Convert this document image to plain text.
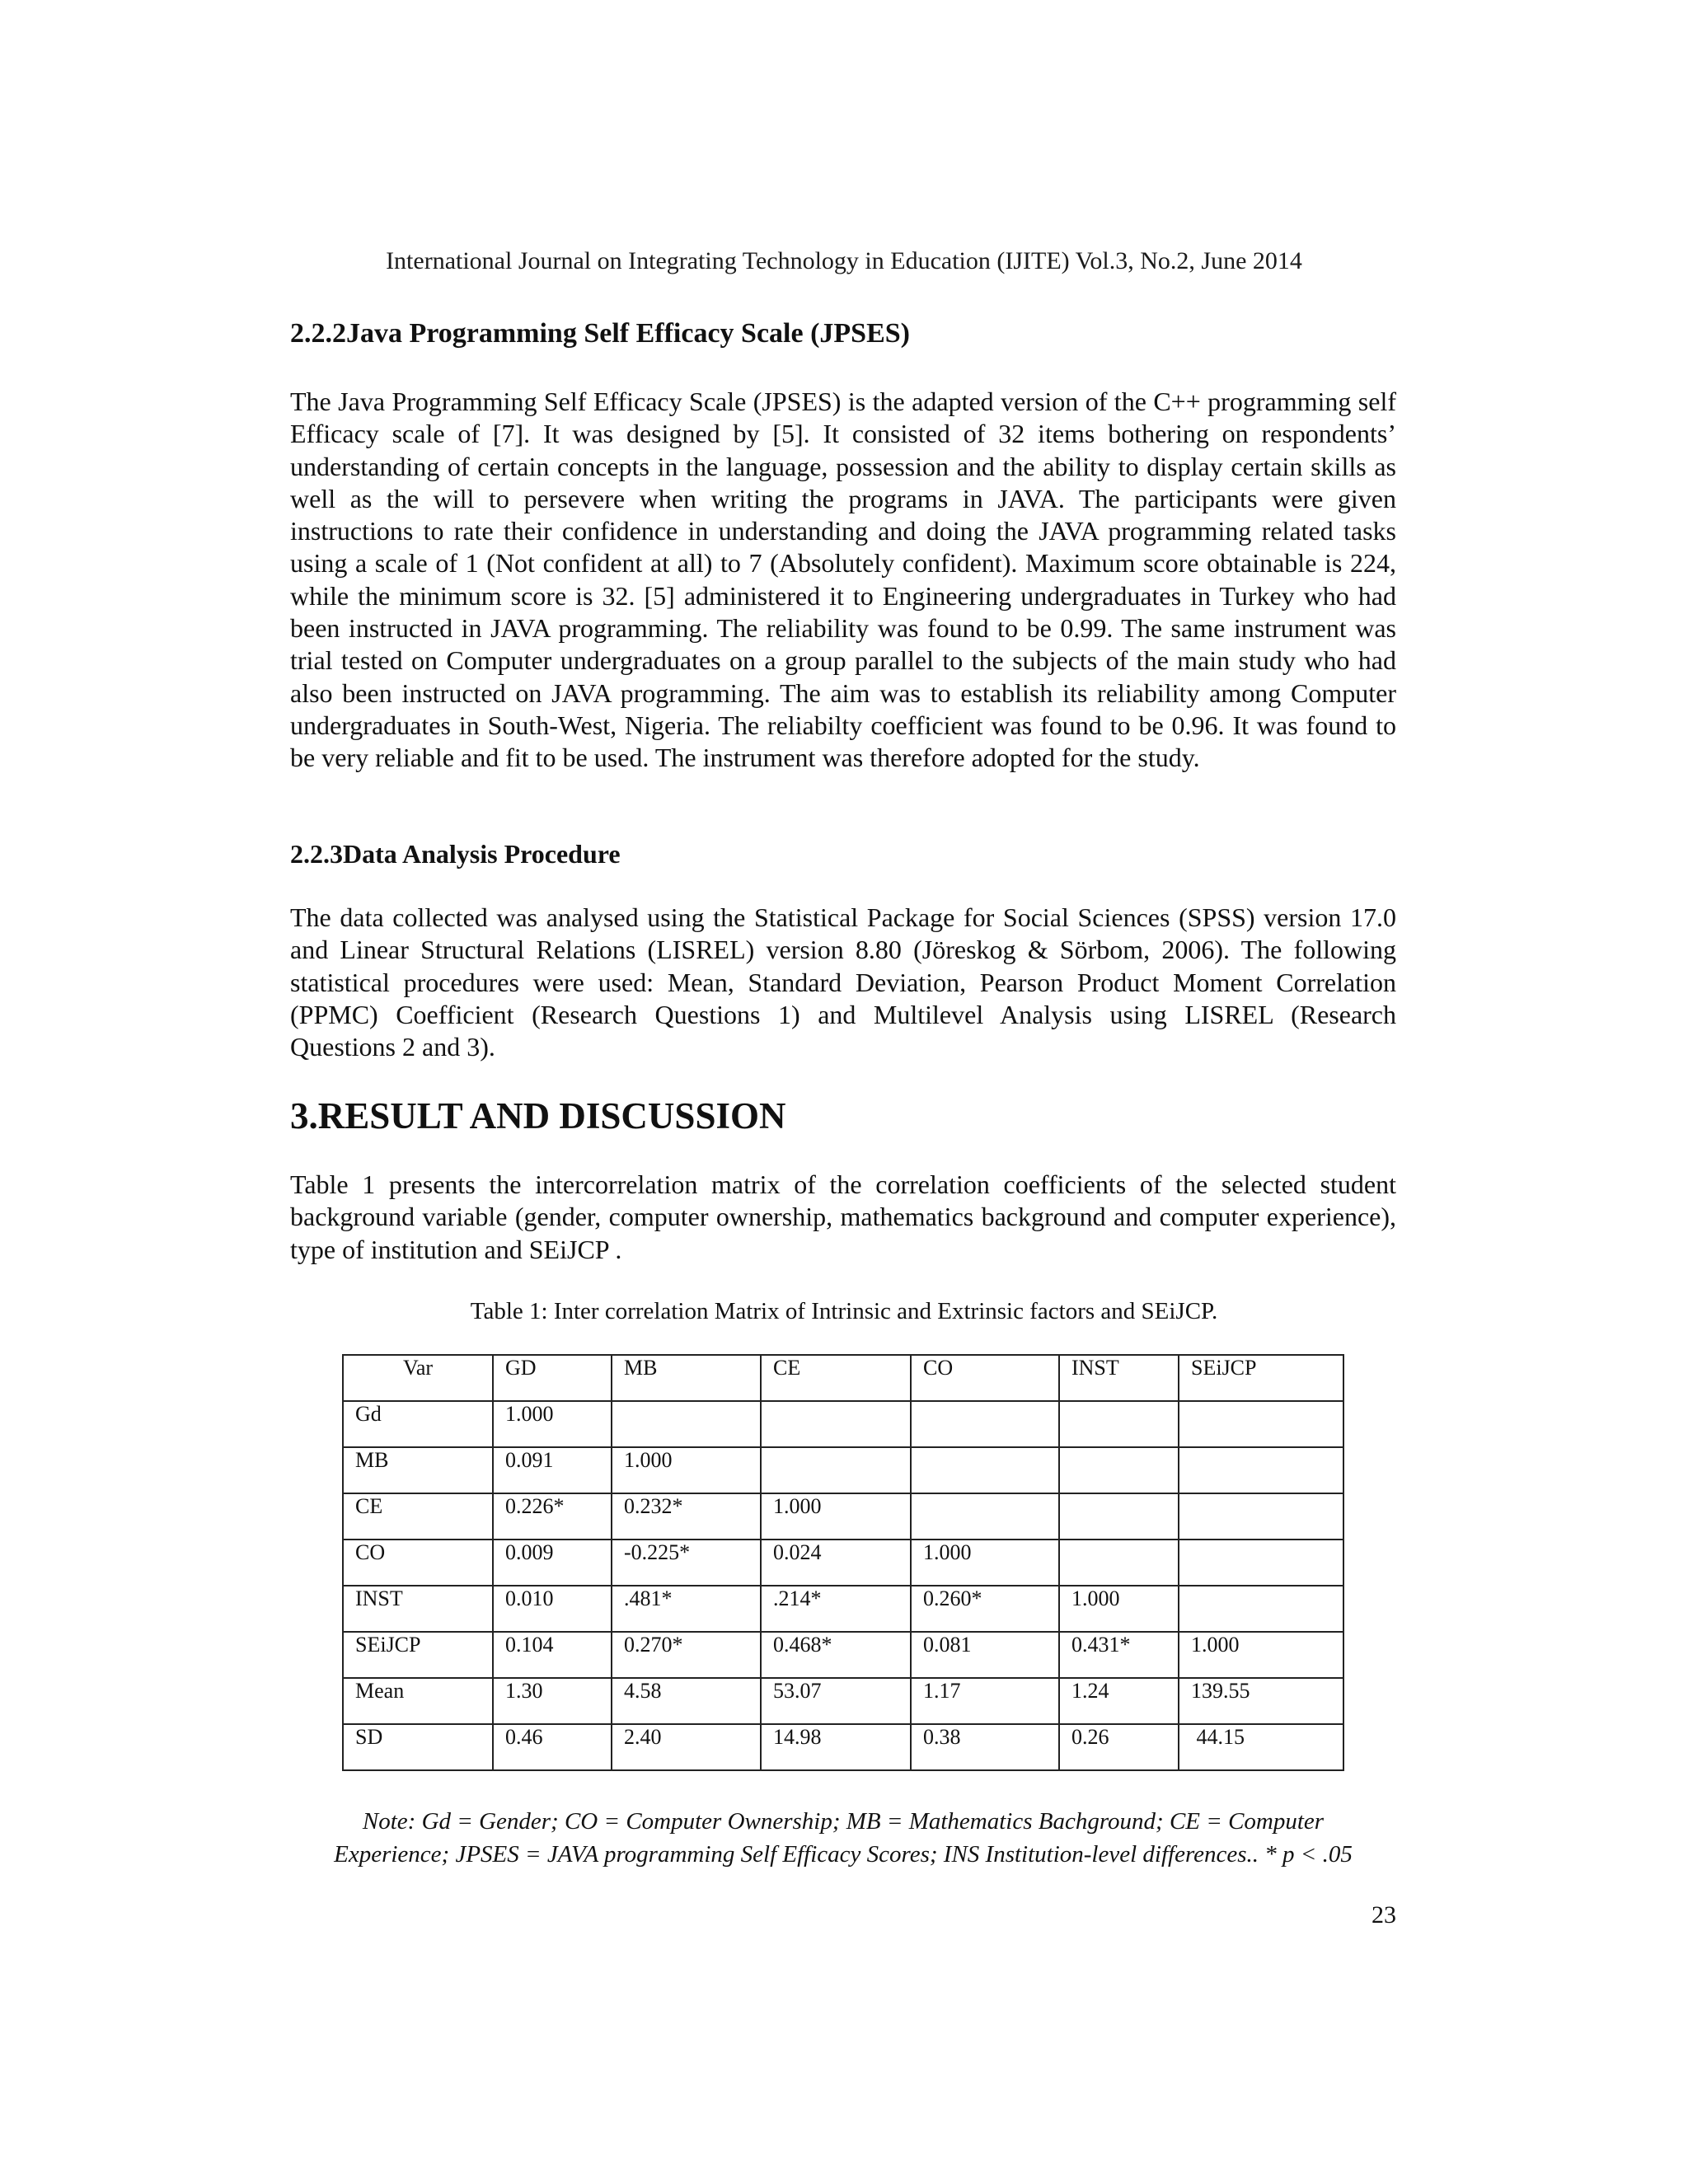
International Journal on Integrating Technology in Education (IJITE) Vol.3, No.2, June 2014
2.2.2Java Programming Self Efficacy Scale (JPSES)

The Java Programming Self Efficacy Scale (JPSES) is the adapted version of the C++ programming self Efficacy scale of [7]. It was designed by [5]. It consisted of 32 items bothering on respondents’ understanding of certain concepts in the language, possession and the ability to display certain skills as well as the will to persevere when writing the programs in JAVA. The participants were given instructions to rate their confidence in understanding and doing the JAVA programming related tasks using a scale of 1 (Not confident at all) to 7 (Absolutely confident). Maximum score obtainable is 224, while the minimum score is 32. [5] administered it to Engineering undergraduates in Turkey who had been instructed in JAVA programming. The reliability was found to be 0.99. The same instrument was trial tested on Computer undergraduates on a group parallel to the subjects of the main study who had also been instructed on JAVA programming. The aim was to establish its reliability among Computer undergraduates in South-West, Nigeria. The reliabilty coefficient was found to be 0.96. It was found to be very reliable and fit to be used. The instrument was therefore adopted for the study.

2.2.3Data Analysis Procedure

The data collected was analysed using the Statistical Package for Social Sciences (SPSS) version 17.0 and Linear Structural Relations (LISREL) version 8.80 (Jöreskog & Sörbom, 2006). The following statistical procedures were used: Mean, Standard Deviation, Pearson Product Moment Correlation (PPMC) Coefficient (Research Questions 1) and Multilevel Analysis using LISREL (Research Questions 2 and 3).

3.RESULT AND DISCUSSION

Table 1 presents the intercorrelation matrix of the correlation coefficients of the selected student background variable (gender, computer ownership, mathematics background and computer experience), type of institution and SEiJCP .

Table 1: Inter correlation Matrix of Intrinsic and Extrinsic factors and SEiJCP.
Var	GD	MB	CE	CO	INST	SEiJCP
Gd	1.000					
MB	0.091	1.000				
CE	0.226*	0.232*	1.000			
CO	0.009	-0.225*	0.024	1.000		
INST	0.010	.481*	.214*	0.260*	1.000	
SEiJCP	0.104	0.270*	0.468*	0.081	0.431*	1.000
Mean	1.30	4.58	53.07	1.17	1.24	139.55
SD	0.46	2.40	14.98	0.38	0.26	44.15
Note: Gd = Gender; CO = Computer Ownership; MB = Mathematics Bachground; CE = Computer
Experience; JPSES = JAVA programming Self Efficacy Scores; INS Institution-level differences.. * p < .05
23
